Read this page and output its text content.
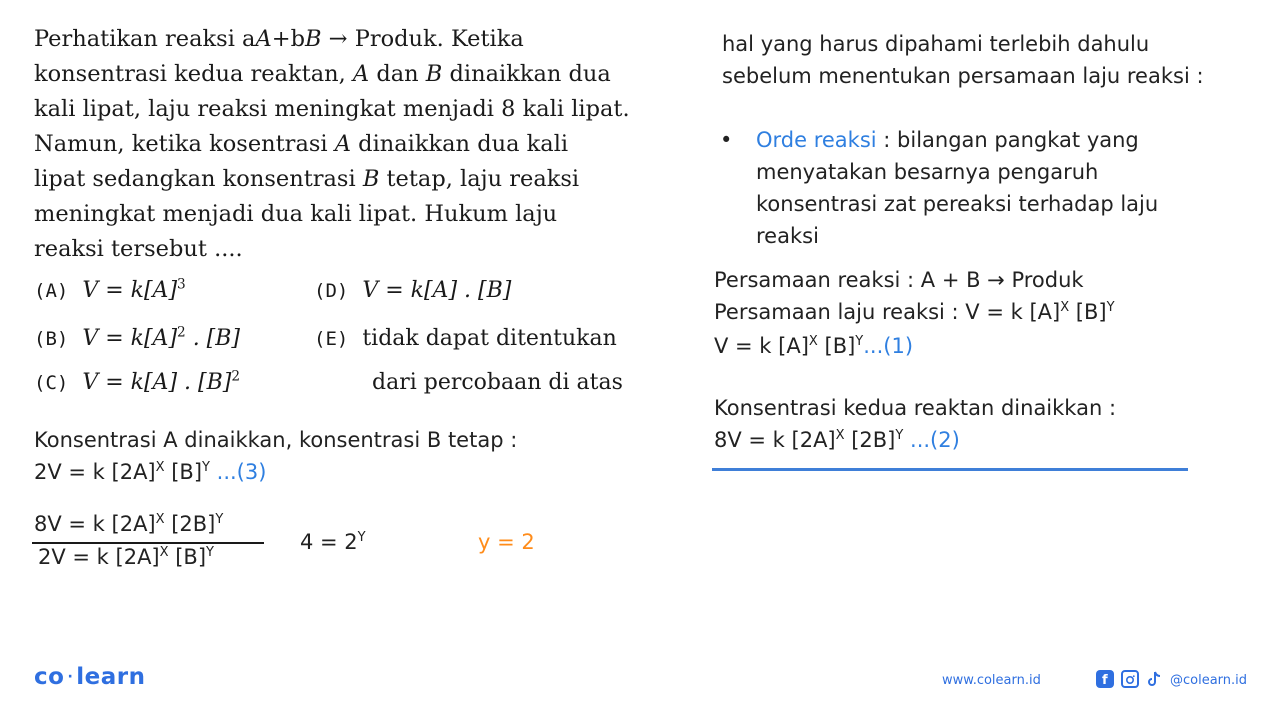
Perhatikan reaksi aA+bB → Produk. Ketika
konsentrasi kedua reaktan, A dan B dinaikkan dua
kali lipat, laju reaksi meningkat menjadi 8 kali lipat.
Namun, ketika kosentrasi A dinaikkan dua kali
lipat sedangkan konsentrasi B tetap, laju reaksi
meningkat menjadi dua kali lipat. Hukum laju
reaksi tersebut ....
(A) $V = k[A]^3$
(B) $V = k[A]^2$ . [B]
(C) V = k[A] . $[B]^2$
(D) V = k[A] . [B]
(E) tidak dapat ditentukan
dari percobaan di atas
Konsentrasi A dinaikkan, konsentrasi B tetap :
2V = k $[2A]^X$ $[B]^Y$ ...(3)
8V = k $[2A]^X$ $[2B]^Y$
2V = k $[2A]^X$ $[B]^Y$	$4 = 2^Y$	y = 2
hal yang harus dipahami terlebih dahulu
sebelum menentukan persamaan laju reaksi :
• Orde reaksi : bilangan pangkat yang
menyatakan besarnya pengaruh
konsentrasi zat pereaksi terhadap laju
reaksi
Persamaan reaksi : A + B → Produk
Persamaan laju reaksi : V = k $[A]^X$ $[B]^Y$
V = k $[A]^X$ $[B]^Y...(1)$
Konsentrasi kedua reaktan dinaikkan :
8V = k $[2A]^X$ $[2B]^Y$ ...(2)
co · learn	www.colearn.id	f	@colearn.id
